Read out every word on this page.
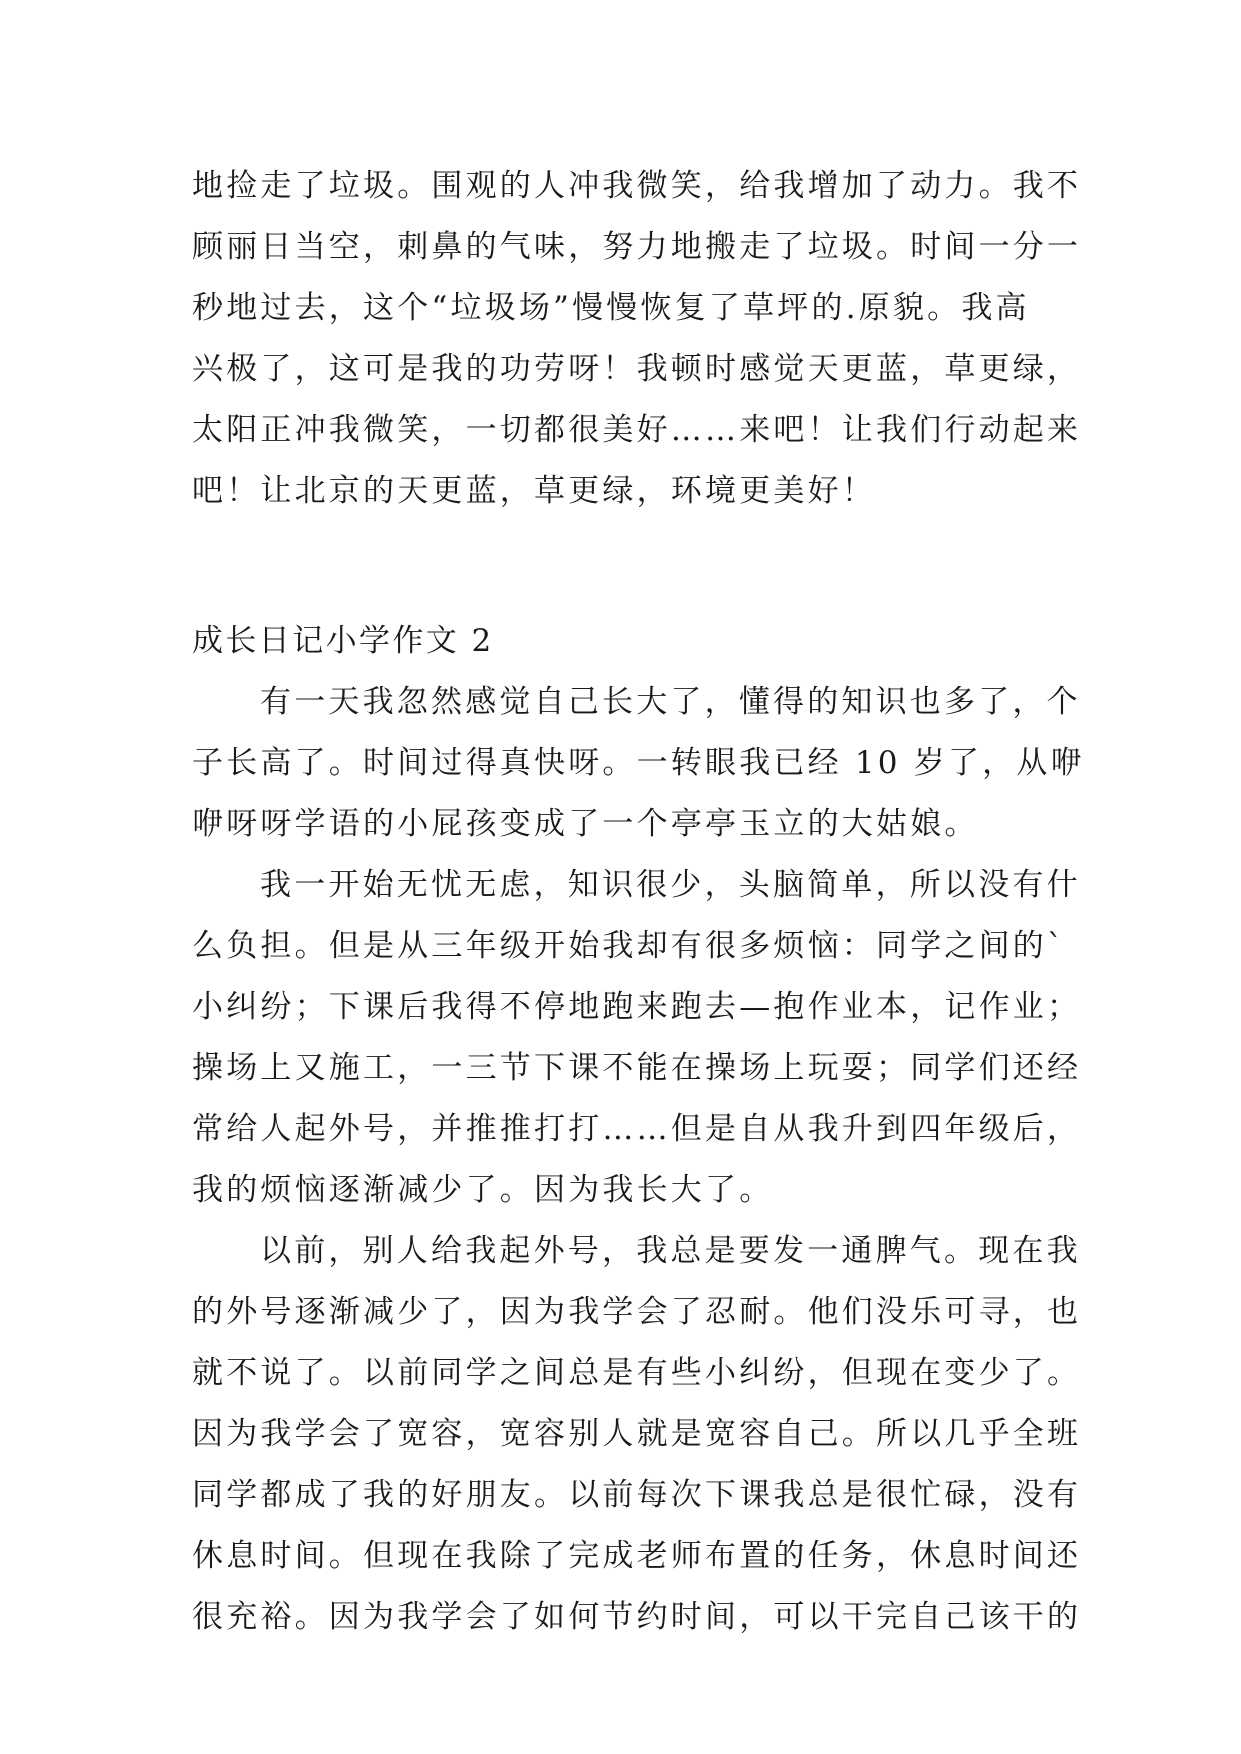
地捡走了垃圾。围观的人冲我微笑，给我增加了动力。我不
顾丽日当空，刺鼻的气味，努力地搬走了垃圾。时间一分一
秒地过去，这个“垃圾场”慢慢恢复了草坪的.原貌。我高
兴极了，这可是我的功劳呀！我顿时感觉天更蓝，草更绿，
太阳正冲我微笑，一切都很美好……来吧！让我们行动起来
吧！让北京的天更蓝，草更绿，环境更美好！
成长日记小学作文 2
有一天我忽然感觉自己长大了，懂得的知识也多了，个
子长高了。时间过得真快呀。一转眼我已经 10 岁了，从咿
咿呀呀学语的小屁孩变成了一个亭亭玉立的大姑娘。
我一开始无忧无虑，知识很少，头脑简单，所以没有什
么负担。但是从三年级开始我却有很多烦恼：同学之间的`
小纠纷；下课后我得不停地跑来跑去—抱作业本，记作业；
操场上又施工，一三节下课不能在操场上玩耍；同学们还经
常给人起外号，并推推打打……但是自从我升到四年级后，
我的烦恼逐渐减少了。因为我长大了。
以前，别人给我起外号，我总是要发一通脾气。现在我
的外号逐渐减少了，因为我学会了忍耐。他们没乐可寻，也
就不说了。以前同学之间总是有些小纠纷，但现在变少了。
因为我学会了宽容，宽容别人就是宽容自己。所以几乎全班
同学都成了我的好朋友。以前每次下课我总是很忙碌，没有
休息时间。但现在我除了完成老师布置的任务，休息时间还
很充裕。因为我学会了如何节约时间，可以干完自己该干的
